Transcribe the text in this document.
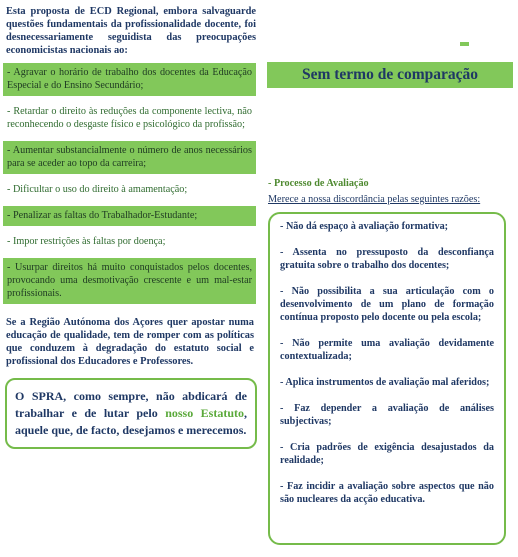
Esta proposta de ECD Regional, embora salvaguarde questões fundamentais da profissionalidade docente, foi desnecessariamente seguidista das preocupações economicistas nacionais ao:

- Agravar o horário de trabalho dos docentes da Educação Especial e do Ensino Secundário;
- Retardar o direito às reduções da componente lectiva, não reconhecendo o desgaste físico e psicológico da profissão;
- Aumentar substancialmente o número de anos necessários para se aceder ao topo da carreira;
- Dificultar o uso do direito à amamentação;
- Penalizar as faltas do Trabalhador-Estudante;
- Impor restrições às faltas por doença;
- Usurpar direitos há muito conquistados pelos docentes, provocando uma desmotivação crescente e um mal-estar profissionais.

Se a Região Autónoma dos Açores quer apostar numa educação de qualidade, tem de romper com as políticas que conduzem à degradação do estatuto social e profissional dos Educadores e Professores.

O SPRA, como sempre, não abdicará de trabalhar e de lutar pelo nosso Estatuto, aquele que, de facto, desejamos e merecemos.
Sem termo de comparação
- Processo de Avaliação
Merece a nossa discordância pelas seguintes razões:
- Não dá espaço à avaliação formativa;
- Assenta no pressuposto da desconfiança gratuita sobre o trabalho dos docentes;
- Não possibilita a sua articulação com o desenvolvimento de um plano de formação contínua proposto pelo docente ou pela escola;
- Não permite uma avaliação devidamente contextualizada;
- Aplica instrumentos de avaliação mal aferidos;
- Faz depender a avaliação de análises subjectivas;
- Cria padrões de exigência desajustados da realidade;
- Faz incidir a avaliação sobre aspectos que não são nucleares da acção educativa.
